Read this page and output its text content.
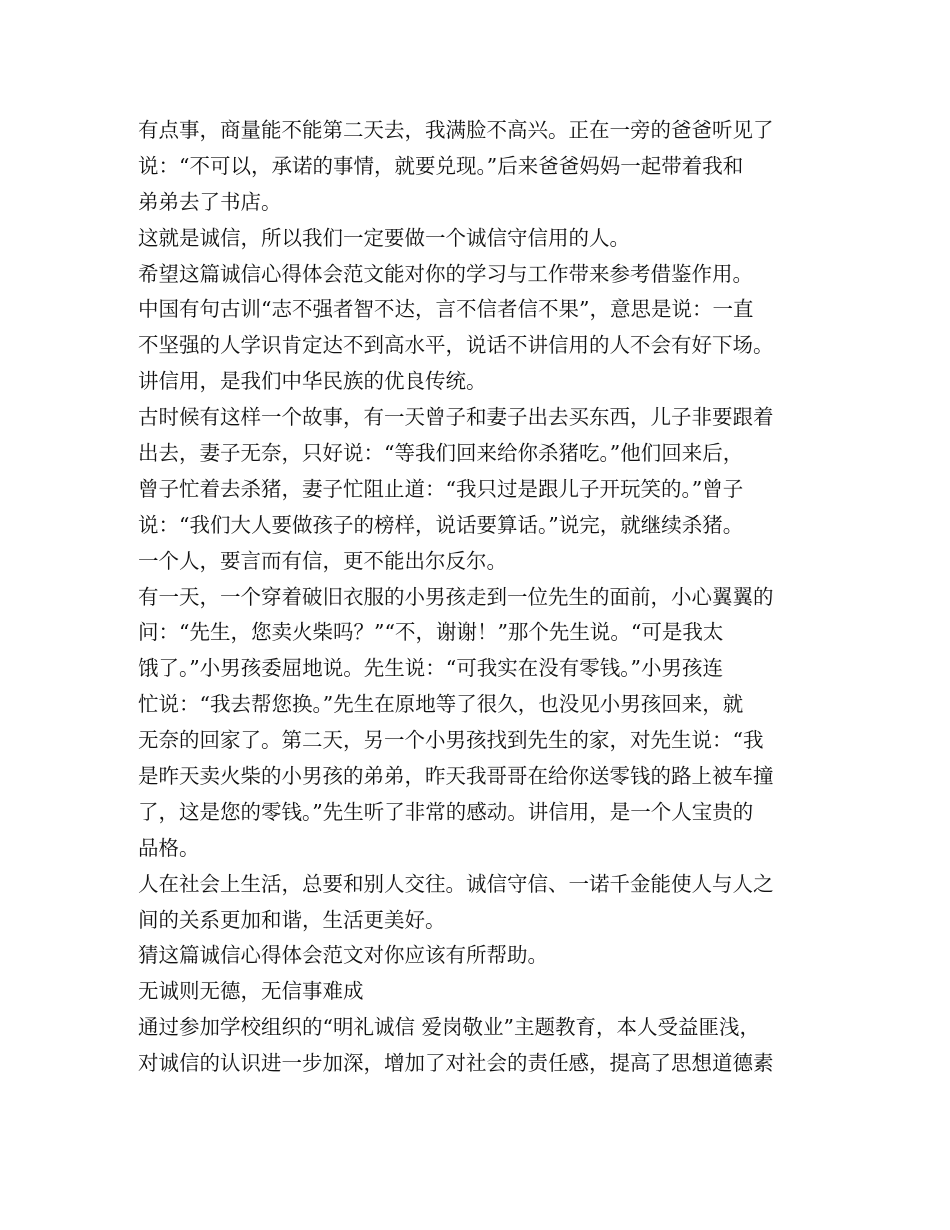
有点事，商量能不能第二天去，我满脸不高兴。正在一旁的爸爸听见了
说：“不可以，承诺的事情，就要兑现。”后来爸爸妈妈一起带着我和
弟弟去了书店。
这就是诚信，所以我们一定要做一个诚信守信用的人。
希望这篇诚信心得体会范文能对你的学习与工作带来参考借鉴作用。
中国有句古训“志不强者智不达，言不信者信不果”，意思是说：一直
不坚强的人学识肯定达不到高水平，说话不讲信用的人不会有好下场。
讲信用，是我们中华民族的优良传统。
古时候有这样一个故事，有一天曾子和妻子出去买东西，儿子非要跟着
出去，妻子无奈，只好说：“等我们回来给你杀猪吃。”他们回来后，
曾子忙着去杀猪，妻子忙阻止道：“我只过是跟儿子开玩笑的。”曾子
说：“我们大人要做孩子的榜样，说话要算话。”说完，就继续杀猪。
一个人，要言而有信，更不能出尔反尔。
有一天，一个穿着破旧衣服的小男孩走到一位先生的面前，小心翼翼的
问：“先生，您卖火柴吗？”“不，谢谢！”那个先生说。“可是我太
饿了。”小男孩委屈地说。先生说：“可我实在没有零钱。”小男孩连
忙说：“我去帮您换。”先生在原地等了很久，也没见小男孩回来，就
无奈的回家了。第二天，另一个小男孩找到先生的家，对先生说：“我
是昨天卖火柴的小男孩的弟弟，昨天我哥哥在给你送零钱的路上被车撞
了，这是您的零钱。”先生听了非常的感动。讲信用，是一个人宝贵的
品格。
人在社会上生活，总要和别人交往。诚信守信、一诺千金能使人与人之
间的关系更加和谐，生活更美好。
猜这篇诚信心得体会范文对你应该有所帮助。
无诚则无德，无信事难成
通过参加学校组织的“明礼诚信 爱岗敬业”主题教育，本人受益匪浅，
对诚信的认识进一步加深，增加了对社会的责任感，提高了思想道德素
